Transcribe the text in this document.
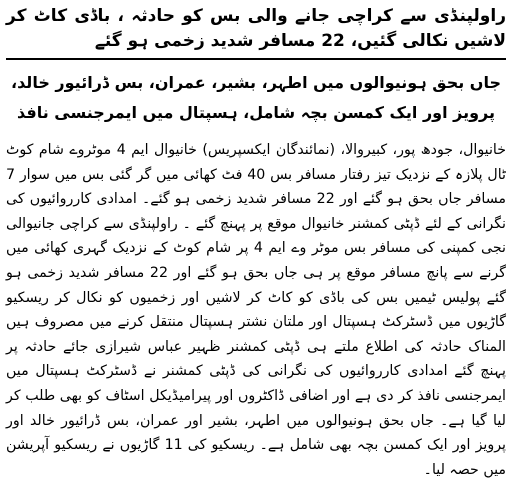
راولپنڈی سے کراچی جانے والی بس کو حادثہ ، باڈی کاٹ کر لاشیں نکالی گئیں، 22 مسافر شدید زخمی ہو گئے
جاں بحق ہونیوالوں میں اطہر، بشیر، عمران، بس ڈرائیور خالد، پرویز اور ایک کمسن بچہ شامل، ہسپتال میں ایمرجنسی نافذ

خانیوال، جودھ پور، کبیروالا، (نمائندگان ایکسپریس) خانیوال ایم 4 موٹروے شام کوٹ ٹال پلازہ کے نزدیک تیز رفتار مسافر بس 40 فٹ کھائی میں گر گئی بس میں سوار 7 مسافر جاں بحق ہو گئے اور 22 مسافر شدید زخمی ہو گئے۔ امدادی کارروائیوں کی نگرانی کے لئے ڈپٹی کمشنر خانیوال موقع پر پہنچ گئے ۔ راولپنڈی سے کراچی جانیوالی نجی کمپنی کی مسافر بس موٹر وے ایم 4 پر شام کوٹ کے نزدیک گہری کھائی میں گرنے سے پانچ مسافر موقع پر ہی جاں بحق ہو گئے اور 22 مسافر شدید زخمی ہو گئے پولیس ٹیمیں بس کی باڈی کو کاٹ کر لاشیں اور زخمیوں کو نکال کر ریسکیو گاڑیوں میں ڈسٹرکٹ ہسپتال اور ملتان نشتر ہسپتال منتقل کرنے میں مصروف ہیں المناک حادثہ کی اطلاع ملتے ہی ڈپٹی کمشنر ظہیر عباس شیرازی جائے حادثہ پر پہنچ گئے امدادی کارروائیوں کی نگرانی کی ڈپٹی کمشنر نے ڈسٹرکٹ ہسپتال میں ایمرجنسی نافذ کر دی ہے اور اضافی ڈاکٹروں اور پیرامیڈیکل اسٹاف کو بھی طلب کر لیا گیا ہے۔ جاں بحق ہونیوالوں میں اطہر، بشیر اور عمران، بس ڈرائیور خالد اور پرویز اور ایک کمسن بچہ بھی شامل ہے۔ ریسکیو کی 11 گاڑیوں نے ریسکیو آپریشن میں حصہ لیا۔
